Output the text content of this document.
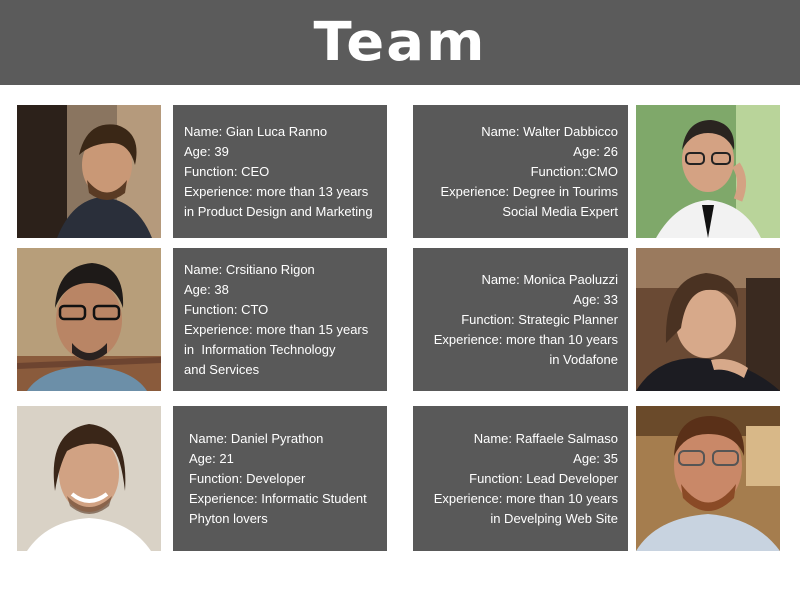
Team
Name: Gian Luca Ranno
Age: 39
Function: CEO
Experience: more than 13 years
in Product Design and Marketing
Name: Walter Dabbicco
Age: 26
Function::CMO
Experience: Degree in Tourims
Social Media Expert
Name: Crsitiano Rigon
Age: 38
Function: CTO
Experience: more than 15 years
in  Information Technology
and Services
Name: Monica Paoluzzi
Age: 33
Function: Strategic Planner
Experience: more than 10 years
in Vodafone
Name: Daniel Pyrathon
Age: 21
Function: Developer
Experience: Informatic Student
Phyton lovers
Name: Raffaele Salmaso
Age: 35
Function: Lead Developer
Experience: more than 10 years
in Develping Web Site
